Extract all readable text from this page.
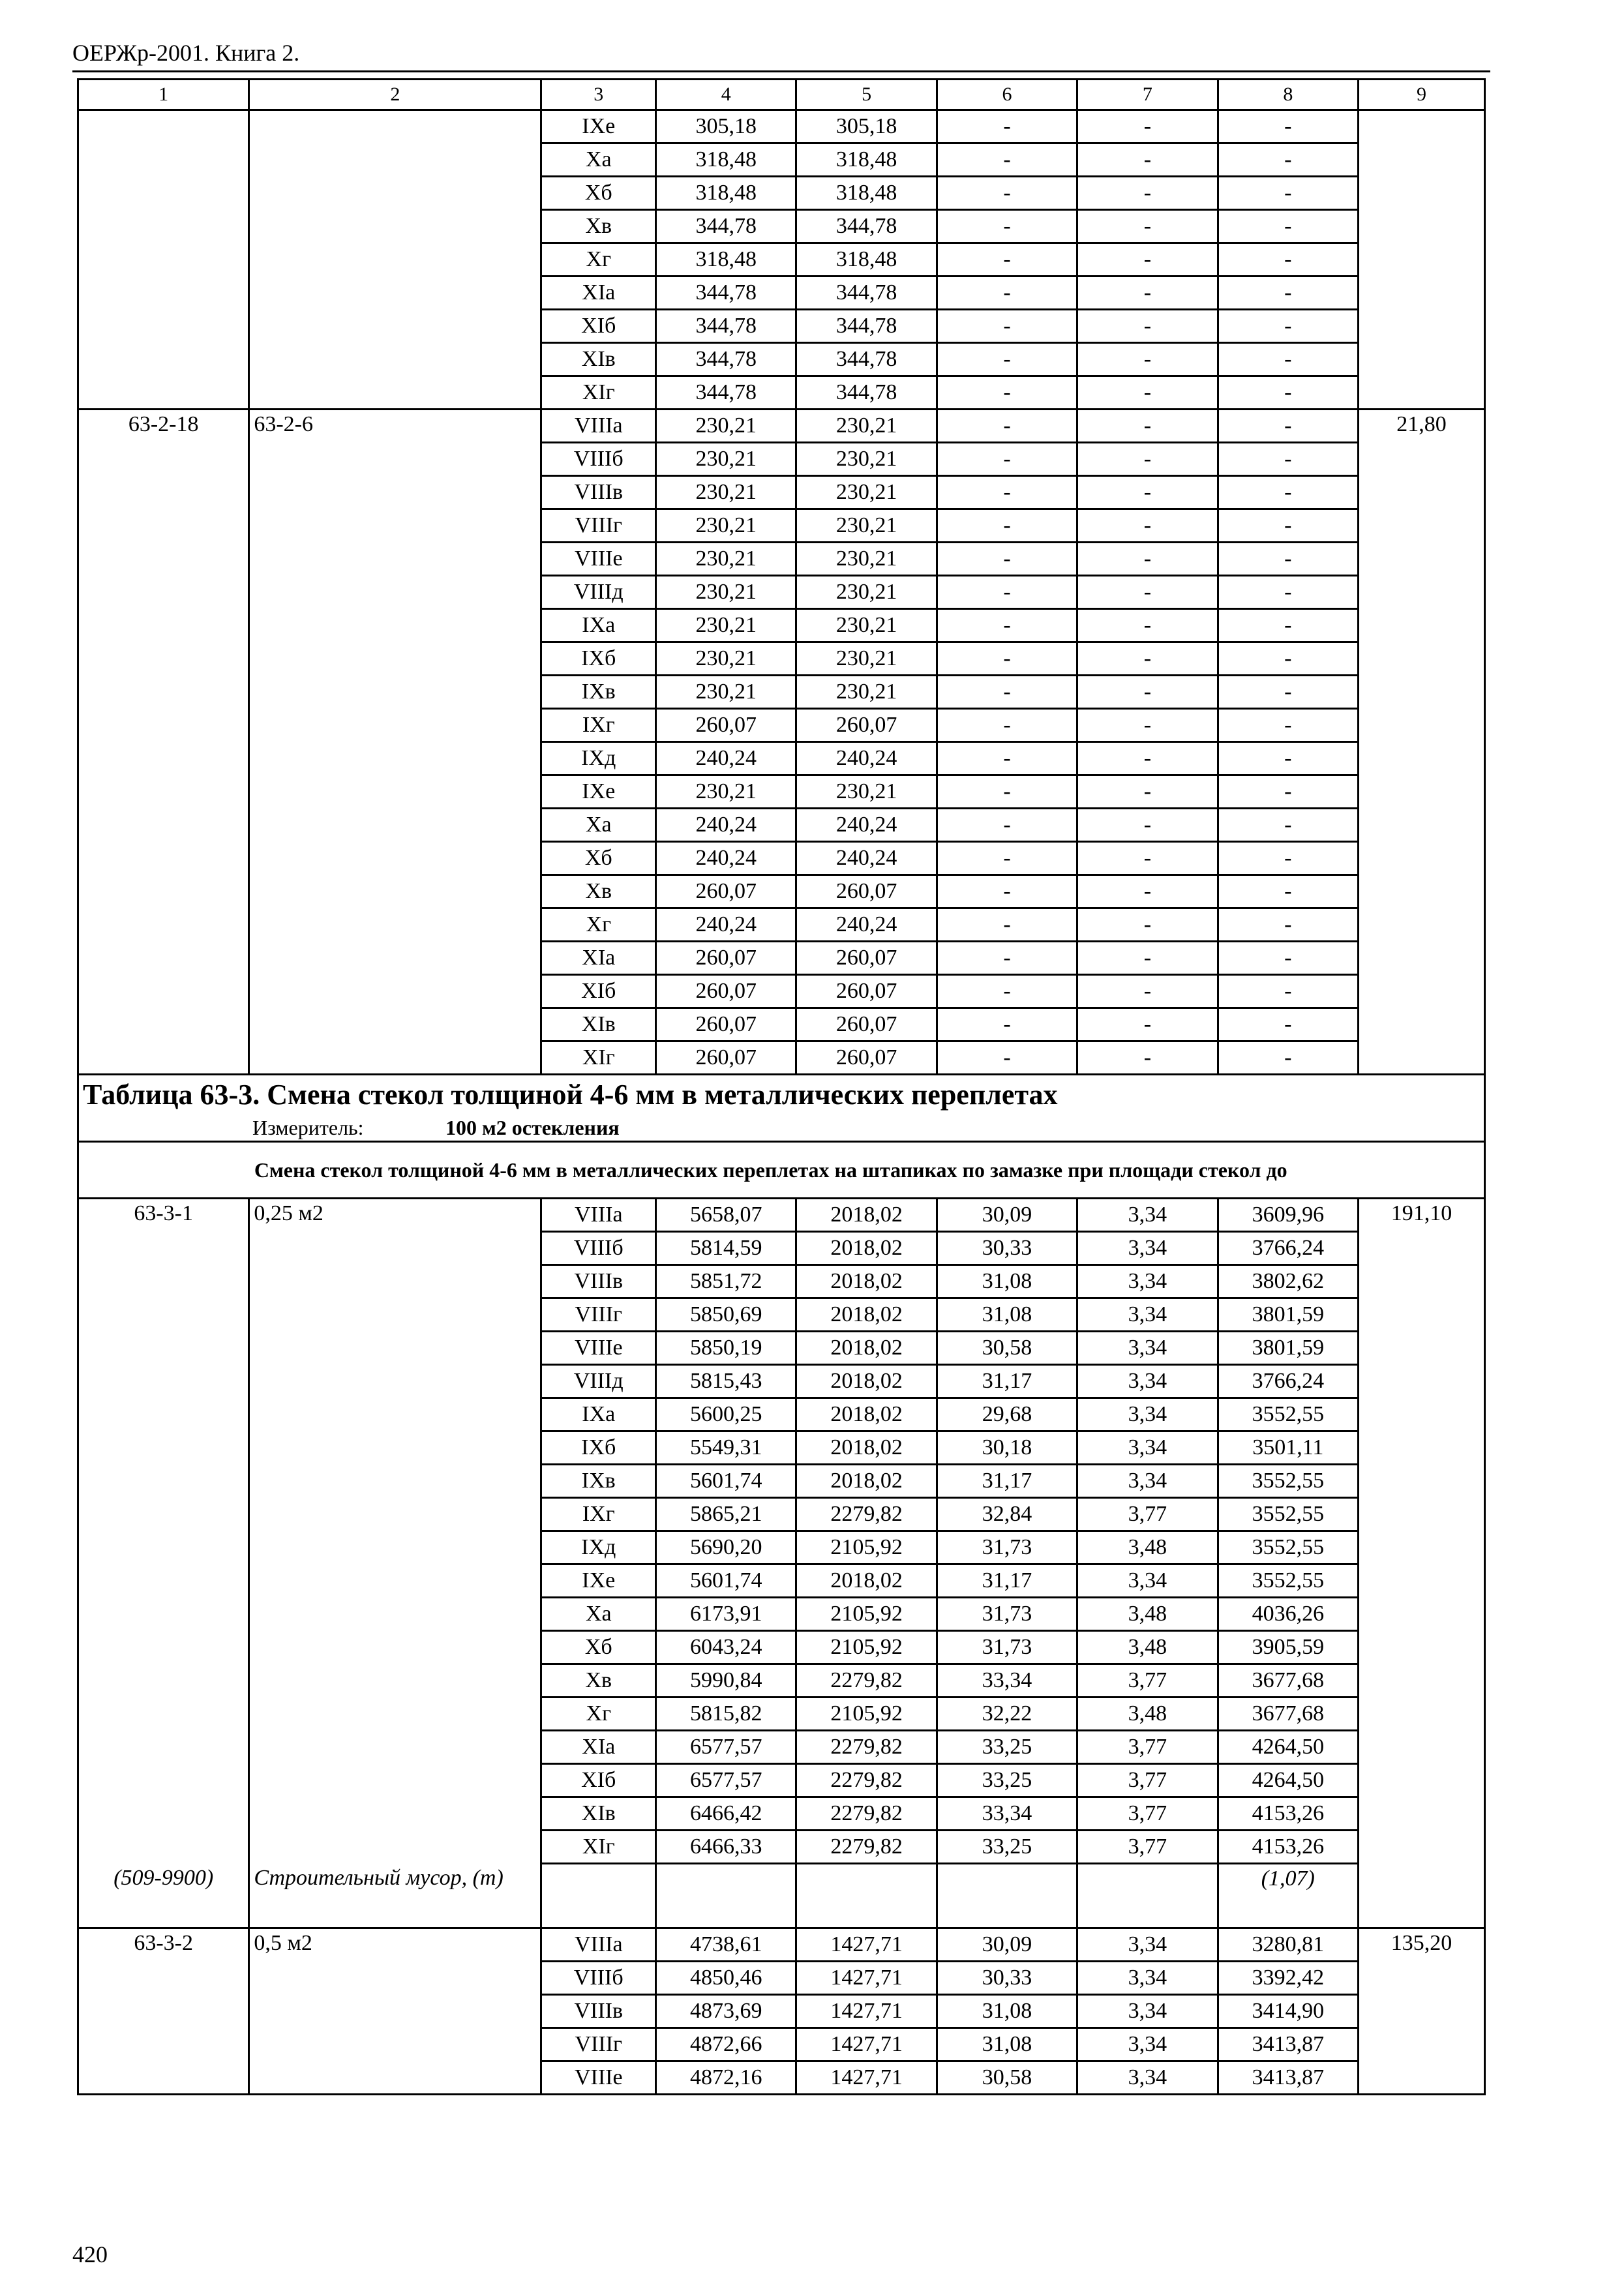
ОЕРЖр-2001. Книга 2.
1	2	3	4	5	6	7	8	9
		IXе	305,18	305,18	-	-	-	
		Xа	318,48	318,48	-	-	-	
		Xб	318,48	318,48	-	-	-	
		Xв	344,78	344,78	-	-	-	
		Xг	318,48	318,48	-	-	-	
		XIа	344,78	344,78	-	-	-	
		XIб	344,78	344,78	-	-	-	
		XIв	344,78	344,78	-	-	-	
		XIг	344,78	344,78	-	-	-	
63-2-18	63-2-6	VIIIа	230,21	230,21	-	-	-	21,80
		VIIIб	230,21	230,21	-	-	-	
		VIIIв	230,21	230,21	-	-	-	
		VIIIг	230,21	230,21	-	-	-	
		VIIIе	230,21	230,21	-	-	-	
		VIIIд	230,21	230,21	-	-	-	
		IXа	230,21	230,21	-	-	-	
		IXб	230,21	230,21	-	-	-	
		IXв	230,21	230,21	-	-	-	
		IXг	260,07	260,07	-	-	-	
		IXд	240,24	240,24	-	-	-	
		IXе	230,21	230,21	-	-	-	
		Xа	240,24	240,24	-	-	-	
		Xб	240,24	240,24	-	-	-	
		Xв	260,07	260,07	-	-	-	
		Xг	240,24	240,24	-	-	-	
		XIа	260,07	260,07	-	-	-	
		XIб	260,07	260,07	-	-	-	
		XIв	260,07	260,07	-	-	-	
		XIг	260,07	260,07	-	-	-	
Таблица 63-3. Смена стекол толщиной 4-6 мм в металлических переплетах								
Измеритель: 100 м2 остекления								
	Смена стекол толщиной 4-6 мм в металлических переплетах на штапиках по замазке при площади стекол до							
63-3-1	0,25 м2	VIIIа	5658,07	2018,02	30,09	3,34	3609,96	191,10
		VIIIб	5814,59	2018,02	30,33	3,34	3766,24	
		VIIIв	5851,72	2018,02	31,08	3,34	3802,62	
		VIIIг	5850,69	2018,02	31,08	3,34	3801,59	
		VIIIе	5850,19	2018,02	30,58	3,34	3801,59	
		VIIIд	5815,43	2018,02	31,17	3,34	3766,24	
		IXа	5600,25	2018,02	29,68	3,34	3552,55	
		IXб	5549,31	2018,02	30,18	3,34	3501,11	
		IXв	5601,74	2018,02	31,17	3,34	3552,55	
		IXг	5865,21	2279,82	32,84	3,77	3552,55	
		IXд	5690,20	2105,92	31,73	3,48	3552,55	
		IXе	5601,74	2018,02	31,17	3,34	3552,55	
		Xа	6173,91	2105,92	31,73	3,48	4036,26	
		Xб	6043,24	2105,92	31,73	3,48	3905,59	
		Xв	5990,84	2279,82	33,34	3,77	3677,68	
		Xг	5815,82	2105,92	32,22	3,48	3677,68	
		XIа	6577,57	2279,82	33,25	3,77	4264,50	
		XIб	6577,57	2279,82	33,25	3,77	4264,50	
		XIв	6466,42	2279,82	33,34	3,77	4153,26	
		XIг	6466,33	2279,82	33,25	3,77	4153,26	
(509-9900)	Строительный мусор, (т)						(1,07)	
63-3-2	0,5 м2	VIIIа	4738,61	1427,71	30,09	3,34	3280,81	135,20
		VIIIб	4850,46	1427,71	30,33	3,34	3392,42	
		VIIIв	4873,69	1427,71	31,08	3,34	3414,90	
		VIIIг	4872,66	1427,71	31,08	3,34	3413,87	
		VIIIе	4872,16	1427,71	30,58	3,34	3413,87	
420
